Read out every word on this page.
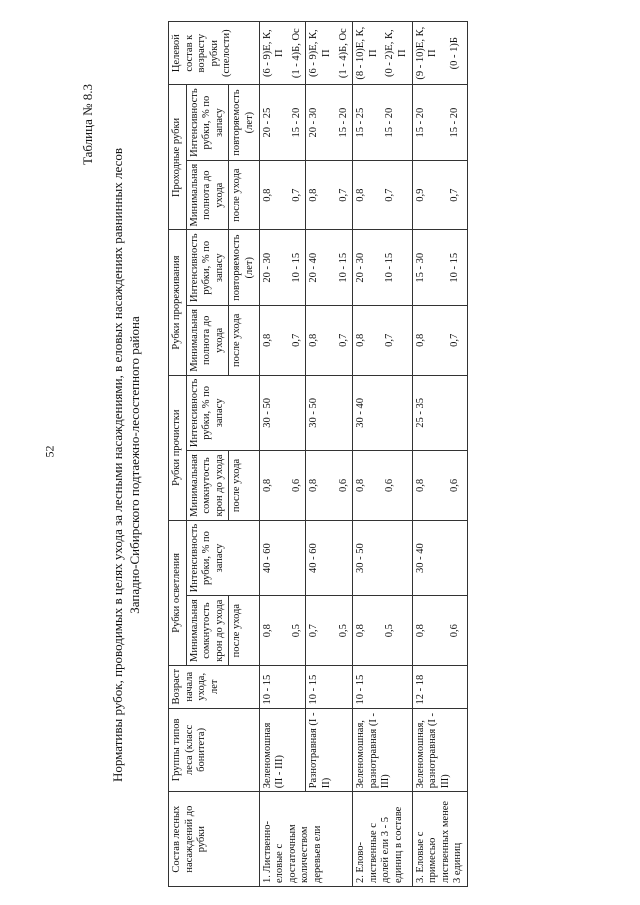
52
Таблица № 8.3
Нормативы рубок, проводимых в целях ухода за лесными насаждениями, в еловых насаждениях равнинных лесов Западно-Сибирского подтаежно-лесостепного района
Состав лесных насаждений до рубки	Группы типов леса (класс бонитета)	Возраст начала ухода, лет	Рубки осветления		Рубки прочистки		Рубки прореживания		Проходные рубки		Целевой состав к возрасту рубки (спелости)
			Минимальная сомкнутость крон до ухода	Интенсивность рубки, % по запасу	Минимальная сомкнутость крон до ухода	Интенсивность рубки, % по запасу	Минимальная полнота до ухода	Интенсивность рубки, % по запасу	Минимальная полнота до ухода	Интенсивность рубки, % по запасу	
			после ухода		после ухода		после ухода	повторяемость (лет)	после ухода	повторяемость (лет)	
1. Лиственно-еловые с достаточным количеством деревьев ели	Зеленомошная (II - III)	10 - 15	0,8	40 - 60	0,8	30 - 50	0,8	20 - 30	0,8	20 - 25	(6 - 9)Е, К, П
			0,5		0,6		0,7	10 - 15	0,7	15 - 20	(1 - 4)Б, Ос
	Разнотравная (I - II)	10 - 15	0,7	40 - 60	0,8	30 - 50	0,8	20 - 40	0,8	20 - 30	(6 - 9)Е, К, П
			0,5		0,6		0,7	10 - 15	0,7	15 - 20	(1 - 4)Б, Ос
2. Елово-лиственные с долей ели 3 - 5 единиц в составе	Зеленомошная, разнотравная (I - III)	10 - 15	0,8	30 - 50	0,8	30 - 40	0,8	20 - 30	0,8	15 - 25	(8 - 10)Е, К, П
			0,5		0,6		0,7	10 - 15	0,7	15 - 20	(0 - 2)Е, К, П
3. Еловые с примесью лиственных менее 3 единиц	Зеленомошная, разнотравная (I - III)	12 - 18	0,8	30 - 40	0,8	25 - 35	0,8	15 - 30	0,9	15 - 20	(9 - 10)Е, К, П
			0,6		0,6		0,7	10 - 15	0,7	15 - 20	(0 - 1)Б
